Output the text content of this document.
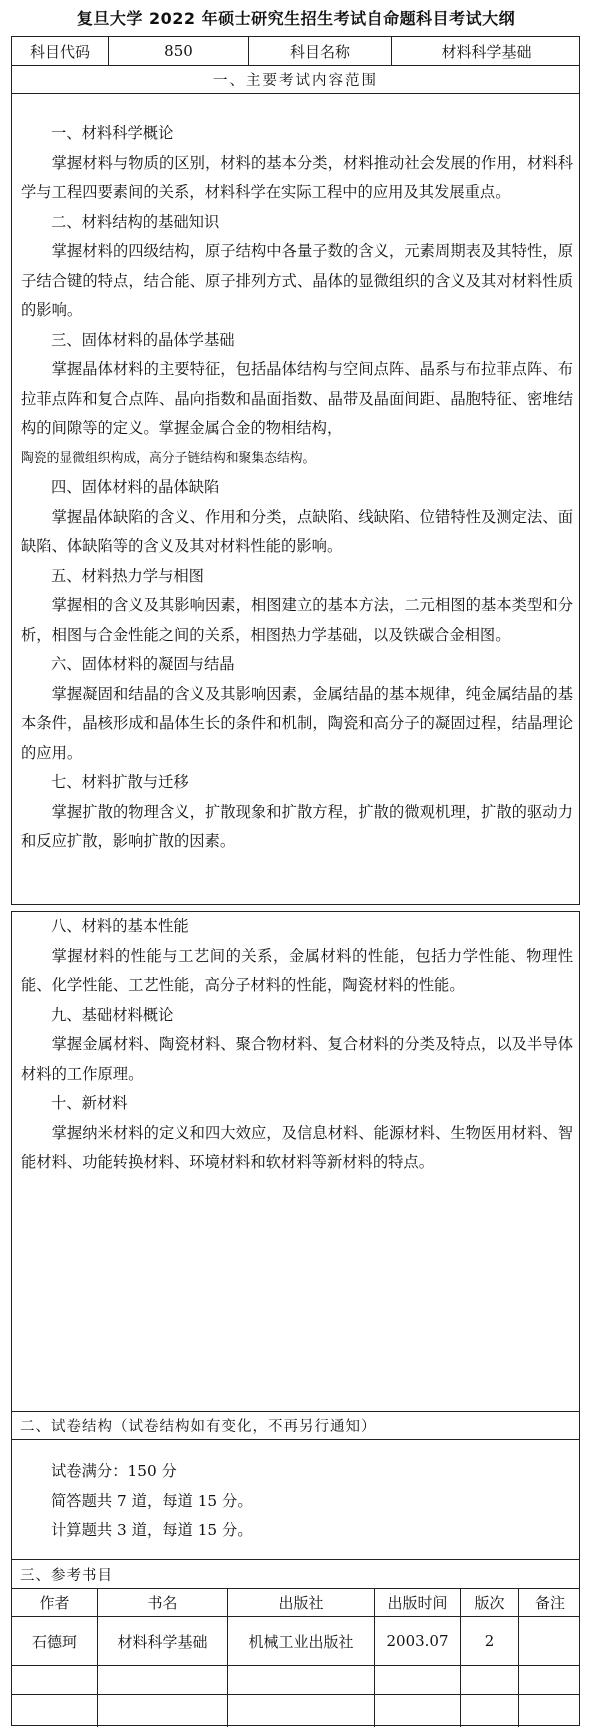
复旦大学 2022 年硕士研究生招生考试自命题科目考试大纲
科目代码	850	科目名称	材料科学基础
一、主要考试内容范围

一、材料科学概论

掌握材料与物质的区别，材料的基本分类，材料推动社会发展的作用，材料科学与工程四要素间的关系，材料科学在实际工程中的应用及其发展重点。

二、材料结构的基础知识

掌握材料的四级结构，原子结构中各量子数的含义，元素周期表及其特性，原子结合键的特点，结合能、原子排列方式、晶体的显微组织的含义及其对材料性质的影响。

三、固体材料的晶体学基础

掌握晶体材料的主要特征，包括晶体结构与空间点阵、晶系与布拉菲点阵、布拉菲点阵和复合点阵、晶向指数和晶面指数、晶带及晶面间距、晶胞特征、密堆结构的间隙等的定义。掌握金属合金的物相结构，

陶瓷的显微组织构成，高分子链结构和聚集态结构。

四、固体材料的晶体缺陷

掌握晶体缺陷的含义、作用和分类，点缺陷、线缺陷、位错特性及测定法、面缺陷、体缺陷等的含义及其对材料性能的影响。

五、材料热力学与相图

掌握相的含义及其影响因素，相图建立的基本方法，二元相图的基本类型和分析，相图与合金性能之间的关系，相图热力学基础，以及铁碳合金相图。

六、固体材料的凝固与结晶

掌握凝固和结晶的含义及其影响因素，金属结晶的基本规律，纯金属结晶的基本条件，晶核形成和晶体生长的条件和机制，陶瓷和高分子的凝固过程，结晶理论的应用。

七、材料扩散与迁移

掌握扩散的物理含义，扩散现象和扩散方程，扩散的微观机理，扩散的驱动力和反应扩散，影响扩散的因素。

八、材料的基本性能

掌握材料的性能与工艺间的关系，金属材料的性能，包括力学性能、物理性能、化学性能、工艺性能，高分子材料的性能，陶瓷材料的性能。

九、基础材料概论

掌握金属材料、陶瓷材料、聚合物材料、复合材料的分类及特点，以及半导体材料的工作原理。

十、新材料

掌握纳米材料的定义和四大效应，及信息材料、能源材料、生物医用材料、智能材料、功能转换材料、环境材料和软材料等新材料的特点。

二、试卷结构（试卷结构如有变化，不再另行通知）

试卷满分：150 分

简答题共 7 道，每道 15 分。

计算题共 3 道，每道 15 分。

三、参考书目
作者	书名	出版社	出版时间	版次	备注
石德珂	材料科学基础	机械工业出版社	2003.07	2
